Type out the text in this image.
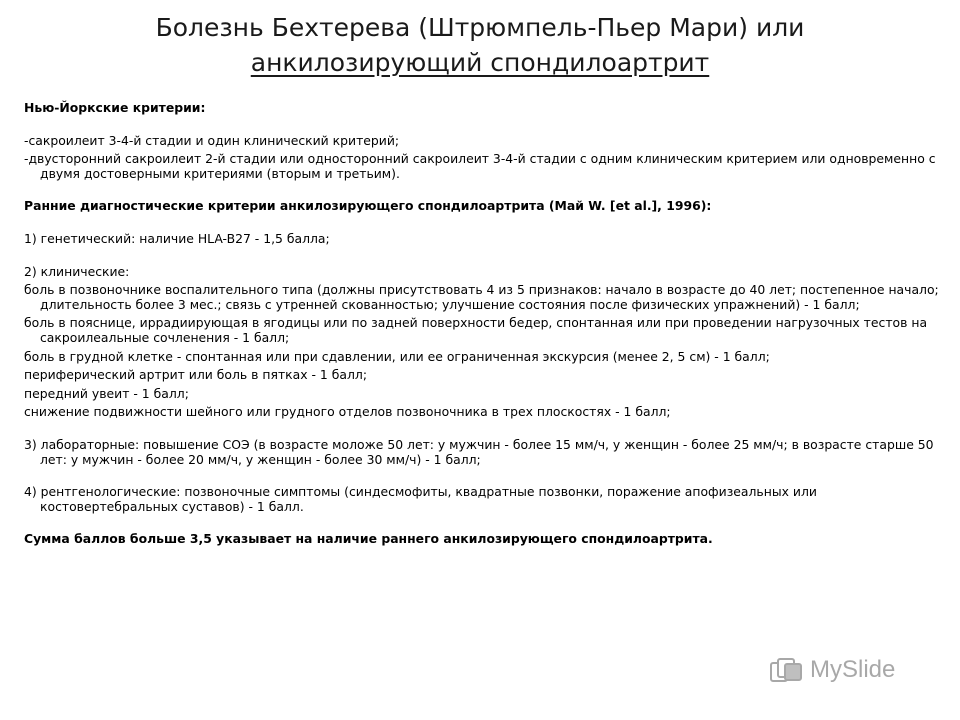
Болезнь Бехтерева (Штрюмпель-Пьер Мари) или
анкилозирующий спондилоартрит
Нью-Йоркские критерии:
-сакроилеит 3-4-й стадии и один клинический критерий;
-двусторонний сакроилеит 2-й стадии или односторонний сакроилеит 3-4-й стадии с одним клиническим критерием или одновременно с двумя достоверными критериями (вторым и третьим).
Ранние диагностические критерии анкилозирующего спондилоартрита (Май W. [et al.], 1996):
1) генетический: наличие HLA-B27 - 1,5 балла;
2) клинические:
боль в позвоночнике воспалительного типа (должны присутствовать 4 из 5 признаков: начало в возрасте до 40 лет; постепенное начало; длительность более 3 мес.; связь с утренней скованностью; улучшение состояния после физических упражнений) - 1 балл;
боль в пояснице, иррадиирующая в ягодицы или по задней поверхности бедер, спонтанная или при проведении нагрузочных тестов на сакроилеальные сочленения - 1 балл;
боль в грудной клетке - спонтанная или при сдавлении, или ее ограниченная экскурсия (менее 2, 5 см) - 1 балл;
периферический артрит или боль в пятках - 1 балл;
передний увеит - 1 балл;
снижение подвижности шейного или грудного отделов позвоночника в трех плоскостях - 1 балл;
3) лабораторные: повышение СОЭ (в возрасте моложе 50 лет: у мужчин - более 15 мм/ч, у женщин - более 25 мм/ч; в возрасте старше 50 лет: у мужчин - более 20 мм/ч, у женщин - более 30 мм/ч) - 1 балл;
4) рентгенологические: позвоночные симптомы (синдесмофиты, квадратные позвонки, поражение апофизеальных или костовертебральных суставов) - 1 балл.
Сумма баллов больше 3,5 указывает на наличие раннего анкилозирующего спондилоартрита.
MySlide
